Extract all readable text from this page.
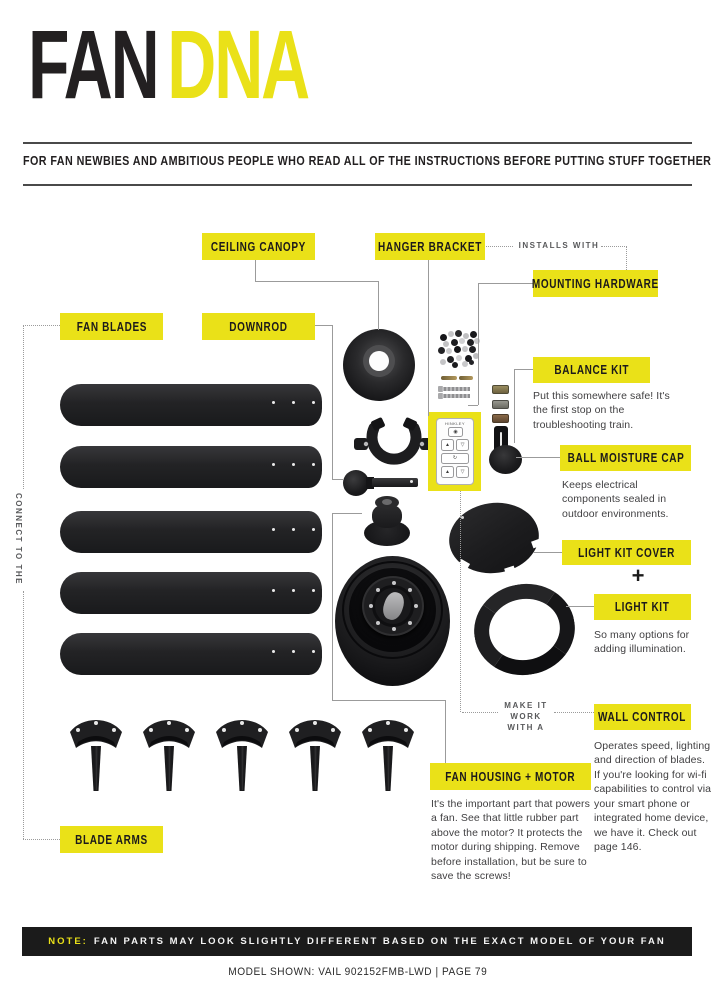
FAN DNA
FOR FAN NEWBIES AND AMBITIOUS PEOPLE WHO READ ALL OF THE INSTRUCTIONS BEFORE PUTTING STUFF TOGETHER
HINKLEY
◉
▲	▽
↻
▲	▽
CEILING CANOPY	HANGER BRACKET
MOUNTING HARDWARE
FAN BLADES	DOWNROD
BALANCE KIT
BALL MOISTURE CAP
LIGHT KIT COVER
LIGHT KIT
WALL CONTROL
FAN HOUSING + MOTOR
BLADE ARMS
+
INSTALLS WITH
CONNECT TO THE
MAKE IT
WORK
WITH A
Put this somewhere safe! It's the first stop on the troubleshooting train.
Keeps electrical components sealed in outdoor environments.
So many options for adding illumination.
Operates speed, lighting and direction of blades. If you're looking for wi-fi capabilities to control via your smart phone or integrated home device, we have it. Check out page 146.
It's the important part that powers a fan. See that little rubber part above the motor? It protects the motor during shipping. Remove before installation, but be sure to save the screws!
NOTE: FAN PARTS MAY LOOK SLIGHTLY DIFFERENT BASED ON THE EXACT MODEL OF YOUR FAN
MODEL SHOWN: VAIL 902152FMB-LWD | PAGE 79
